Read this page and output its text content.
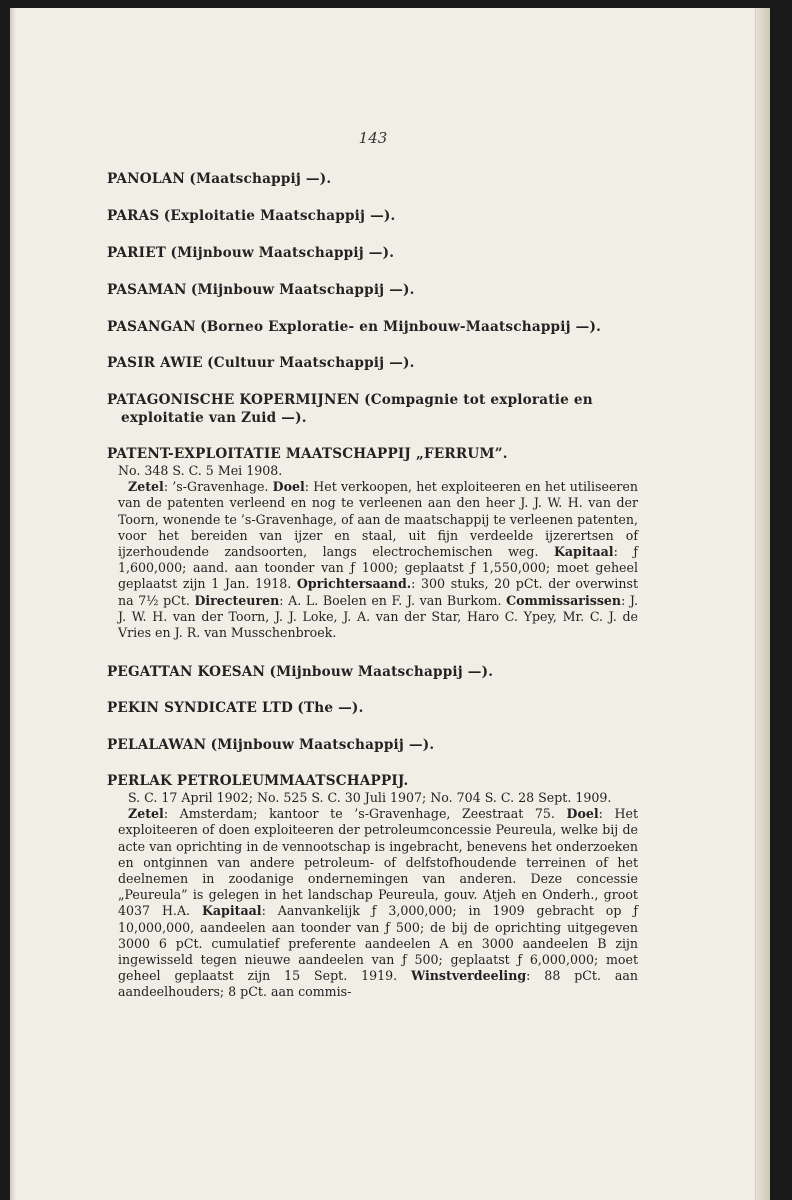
143
PANOLAN (Maatschappij —).
PARAS (Exploitatie Maatschappij —).
PARIET (Mijnbouw Maatschappij —).
PASAMAN (Mijnbouw Maatschappij —).
PASANGAN (Borneo Exploratie- en Mijnbouw-Maatschappij —).
PASIR AWIE (Cultuur Maatschappij —).
PATAGONISCHE KOPERMIJNEN (Compagnie tot exploratie en
exploitatie van Zuid —).
PATENT-EXPLOITATIE MAATSCHAPPIJ „FERRUM”.
No. 348 S. C. 5 Mei 1908.
Zetel: ’s-Gravenhage. Doel: Het verkoopen, het exploiteeren en het utiliseeren van de patenten verleend en nog te verleenen aan den heer J. J. W. H. van der Toorn, wonende te ’s-Gravenhage, of aan de maatschappij te verleenen patenten, voor het bereiden van ijzer en staal, uit fijn verdeelde ijzerertsen of ijzerhoudende zandsoorten, langs electrochemischen weg. Kapitaal: ƒ 1,600,000; aand. aan toonder van ƒ 1000; geplaatst ƒ 1,550,000; moet geheel geplaatst zijn 1 Jan. 1918. Oprichtersaand.: 300 stuks, 20 pCt. der overwinst na 7½ pCt. Directeuren: A. L. Boelen en F. J. van Burkom. Commissarissen: J. J. W. H. van der Toorn, J. J. Loke, J. A. van der Star, Haro C. Ypey, Mr. C. J. de Vries en J. R. van Musschenbroek.
PEGATTAN KOESAN (Mijnbouw Maatschappij —).
PEKIN SYNDICATE LTD (The —).
PELALAWAN (Mijnbouw Maatschappij —).
PERLAK PETROLEUMMAATSCHAPPIJ.
S. C. 17 April 1902; No. 525 S. C. 30 Juli 1907; No. 704 S. C. 28 Sept. 1909.
Zetel: Amsterdam; kantoor te ’s-Gravenhage, Zeestraat 75. Doel: Het exploiteeren of doen exploiteeren der petroleumconcessie Peureula, welke bij de acte van oprichting in de vennootschap is ingebracht, benevens het onderzoeken en ontginnen van andere petroleum- of delfstofhoudende terreinen of het deelnemen in zoodanige ondernemingen van anderen. Deze concessie „Peureula” is gelegen in het landschap Peureula, gouv. Atjeh en Onderh., groot 4037 H.A. Kapitaal: Aanvankelijk ƒ 3,000,000; in 1909 gebracht op ƒ 10,000,000, aandeelen aan toonder van ƒ 500; de bij de oprichting uitgegeven 3000 6 pCt. cumulatief preferente aandeelen A en 3000 aandeelen B zijn ingewisseld tegen nieuwe aandeelen van ƒ 500; geplaatst ƒ 6,000,000; moet geheel geplaatst zijn 15 Sept. 1919. Winstverdeeling: 88 pCt. aan aandeelhouders; 8 pCt. aan commis-
